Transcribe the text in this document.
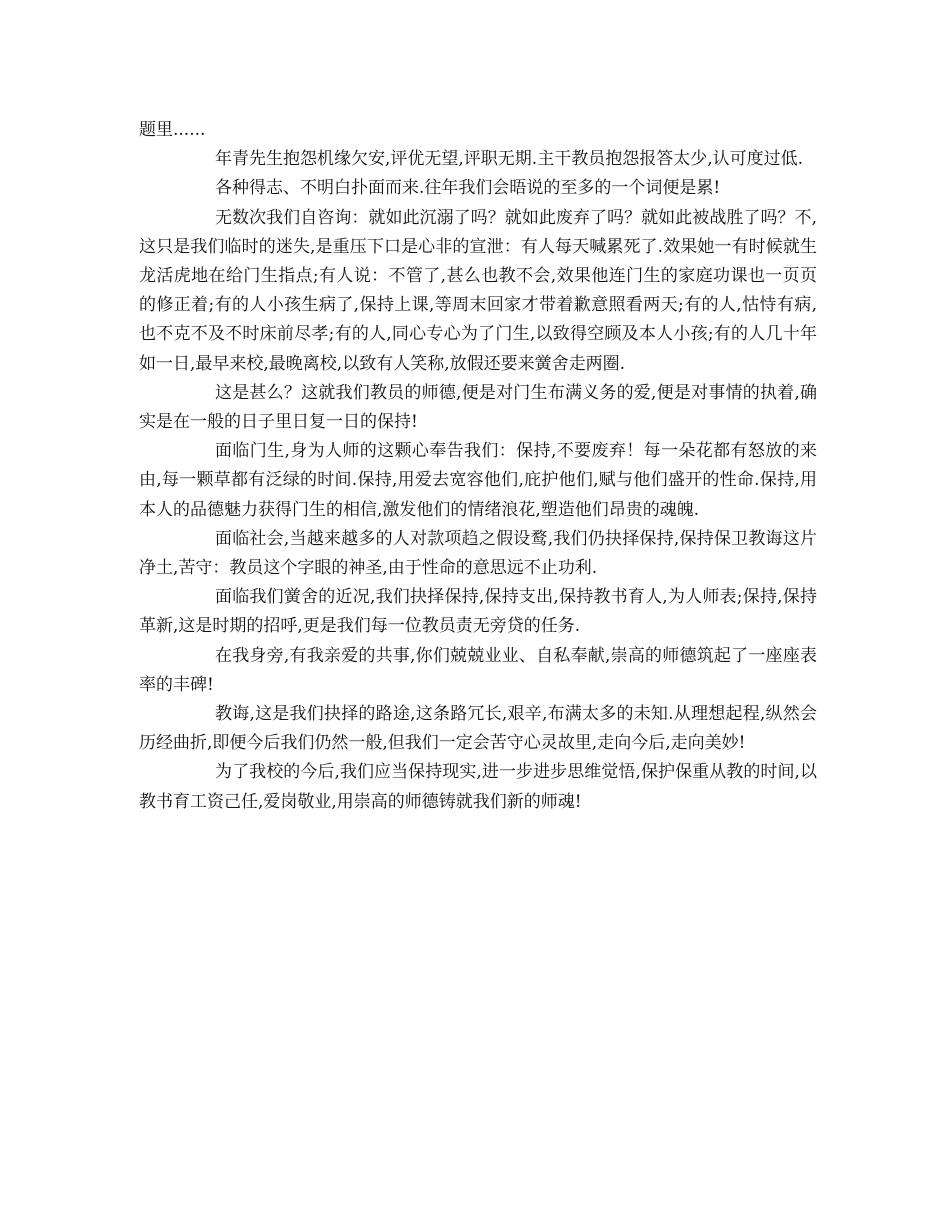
题里......

年青先生抱怨机缘欠安,评优无望,评职无期.主干教员抱怨报答太少,认可度过低.

各种得志、不明白扑面而来.往年我们会晤说的至多的一个词便是累!

无数次我们自咨询：就如此沉溺了吗？就如此废弃了吗？就如此被战胜了吗？不,这只是我们临时的迷失,是重压下口是心非的宣泄：有人每天喊累死了.效果她一有时候就生龙活虎地在给门生指点;有人说：不管了,甚么也教不会,效果他连门生的家庭功课也一页页的修正着;有的人小孩生病了,保持上课,等周末回家才带着歉意照看两天;有的人,怙恃有病,也不克不及不时床前尽孝;有的人,同心专心为了门生,以致得空顾及本人小孩;有的人几十年如一日,最早来校,最晚离校,以致有人笑称,放假还要来黉舍走两圈.

这是甚么？这就我们教员的师德,便是对门生布满义务的爱,便是对事情的执着,确实是在一般的日子里日复一日的保持!

面临门生,身为人师的这颗心奉告我们：保持,不要废弃！每一朵花都有怒放的来由,每一颗草都有泛绿的时间.保持,用爱去宽容他们,庇护他们,赋与他们盛开的性命.保持,用本人的品德魅力获得门生的相信,激发他们的情绪浪花,塑造他们昂贵的魂魄.

面临社会,当越来越多的人对款项趋之假设鹜,我们仍抉择保持,保持保卫教诲这片净土,苦守：教员这个字眼的神圣,由于性命的意思远不止功利.

面临我们黉舍的近况,我们抉择保持,保持支出,保持教书育人,为人师表;保持,保持革新,这是时期的招呼,更是我们每一位教员责无旁贷的任务.

在我身旁,有我亲爱的共事,你们兢兢业业、自私奉献,崇高的师德筑起了一座座表率的丰碑!

教诲,这是我们抉择的路途,这条路冗长,艰辛,布满太多的未知.从理想起程,纵然会历经曲折,即便今后我们仍然一般,但我们一定会苦守心灵故里,走向今后,走向美妙!

为了我校的今后,我们应当保持现实,进一步进步思维觉悟,保护保重从教的时间,以教书育工资己任,爱岗敬业,用崇高的师德铸就我们新的师魂!
